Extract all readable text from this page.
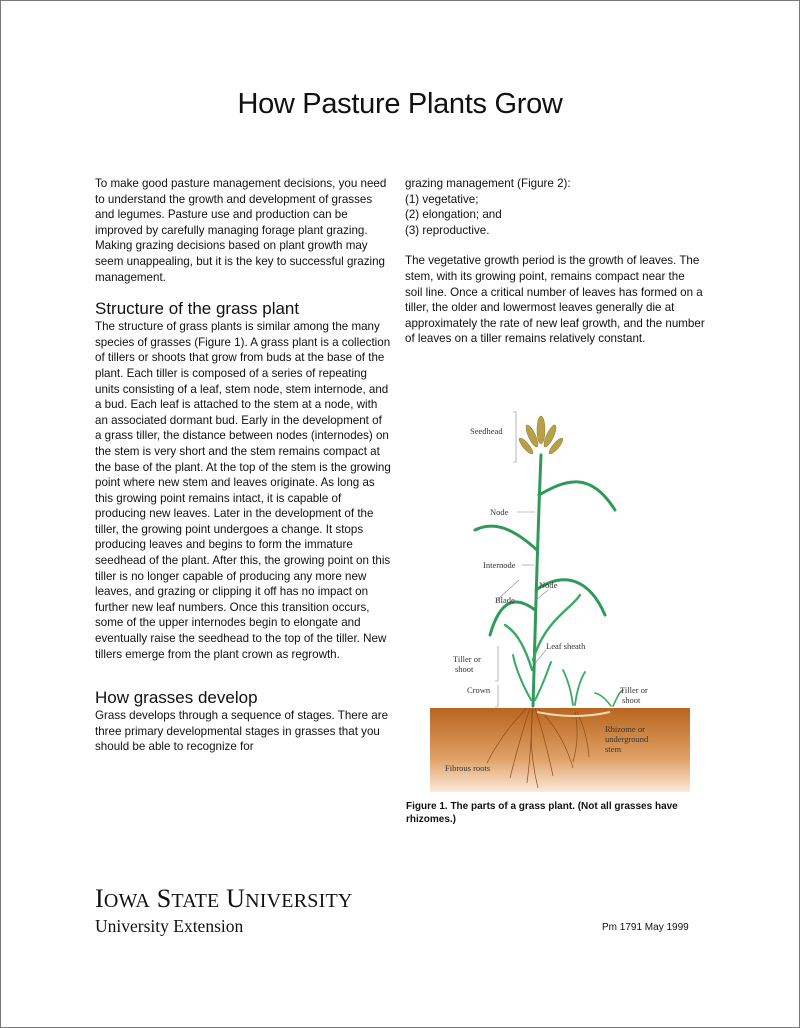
How Pasture Plants Grow

To make good pasture management decisions, you need to understand the growth and development of grasses and legumes. Pasture use and production can be improved by carefully managing forage plant grazing. Making grazing decisions based on plant growth may seem unappealing, but it is the key to successful grazing management.

Structure of the grass plant

The structure of grass plants is similar among the many species of grasses (Figure 1). A grass plant is a collection of tillers or shoots that grow from buds at the base of the plant. Each tiller is composed of a series of repeating units consisting of a leaf, stem node, stem internode, and a bud. Each leaf is attached to the stem at a node, with an associated dormant bud. Early in the development of a grass tiller, the distance between nodes (internodes) on the stem is very short and the stem remains compact at the base of the plant. At the top of the stem is the growing point where new stem and leaves originate. As long as this growing point remains intact, it is capable of producing new leaves. Later in the development of the tiller, the growing point undergoes a change. It stops producing leaves and begins to form the immature seedhead of the plant. After this, the growing point on this tiller is no longer capable of producing any more new leaves, and grazing or clipping it off has no impact on further new leaf numbers. Once this transition occurs, some of the upper internodes begin to elongate and eventually raise the seedhead to the top of the tiller. New tillers emerge from the plant crown as regrowth.

How grasses develop

Grass develops through a sequence of stages. There are three primary developmental stages in grasses that you should be able to recognize for

grazing management (Figure 2):

(1) vegetative;

(2) elongation; and

(3) reproductive.

The vegetative growth period is the growth of leaves. The stem, with its growing point, remains compact near the soil line. Once a critical number of leaves has formed on a tiller, the older and lowermost leaves generally die at approximately the rate of new leaf growth, and the number of leaves on a tiller remains relatively constant.

Seedhead
Node
Internode
Node
Blade
Leaf sheath
Tiller or
shoot
Crown	Tiller or
shoot
Rhizome or
underground
stem
Fibrous roots
Figure 1. The parts of a grass plant. (Not all grasses have rhizomes.)
IOWA STATE UNIVERSITY
University Extension	Pm 1791 May 1999
